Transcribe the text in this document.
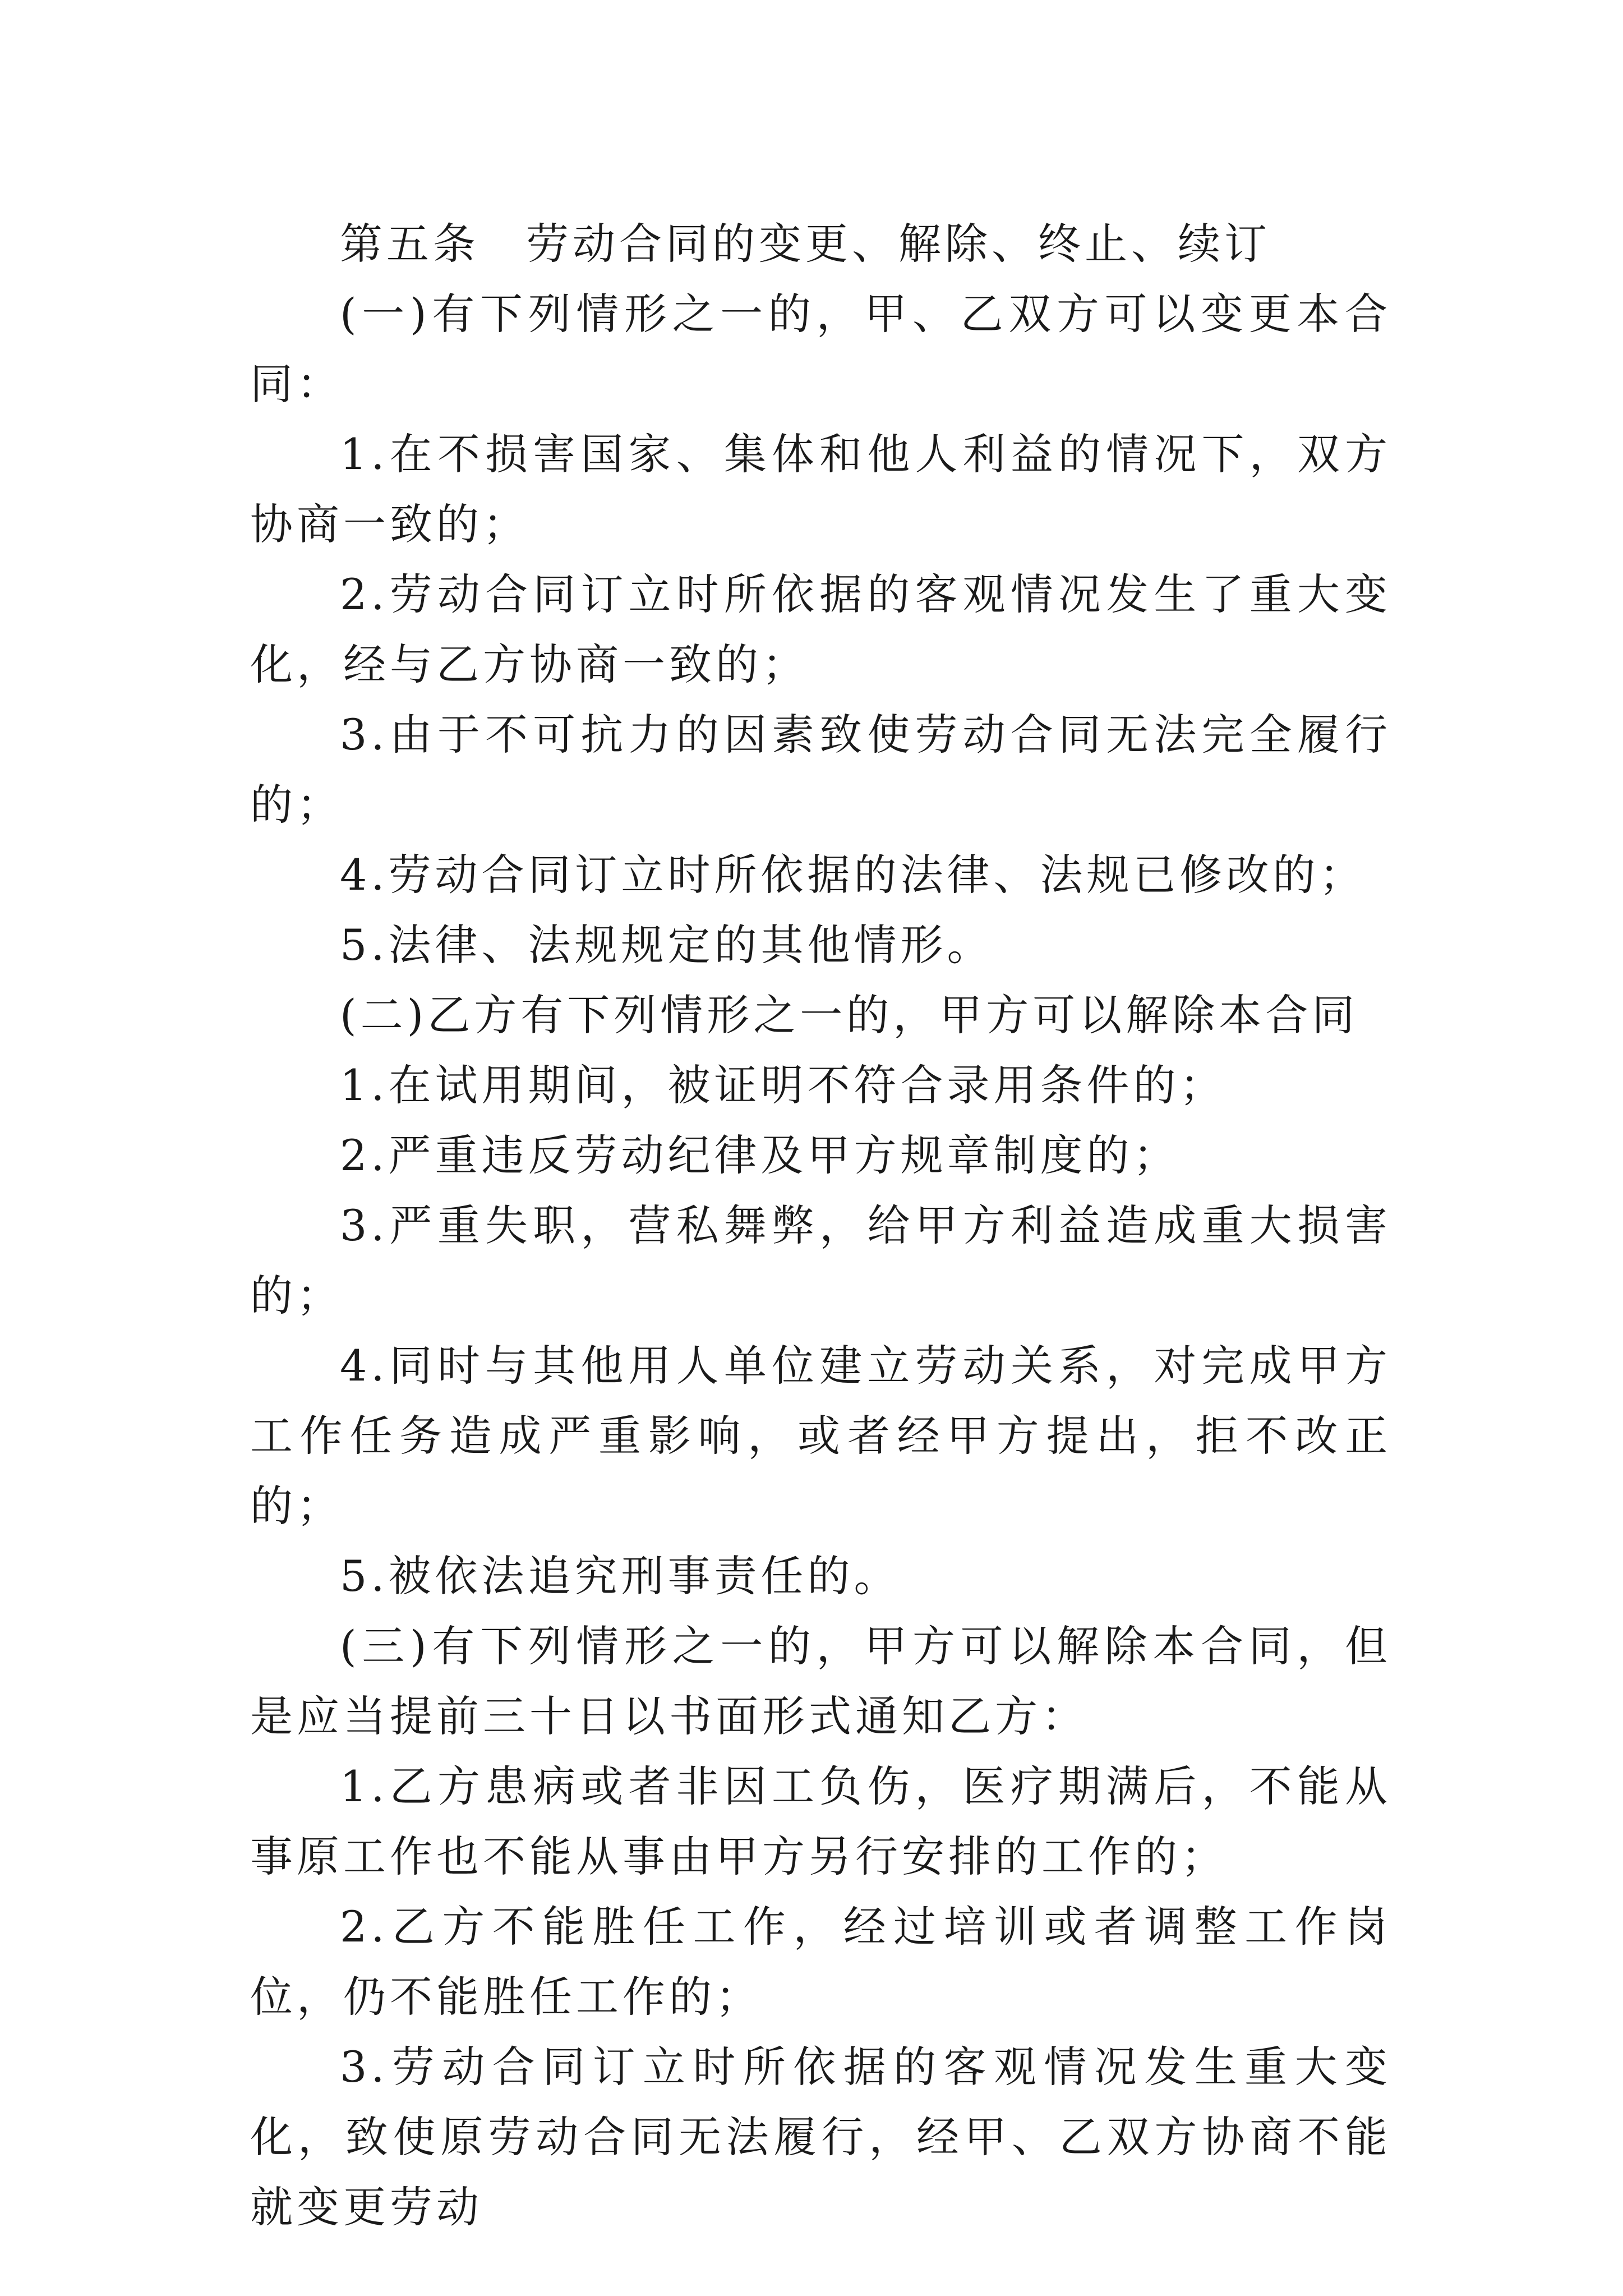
第五条　劳动合同的变更、解除、终止、续订

(一)有下列情形之一的，甲、乙双方可以变更本合同：

1.在不损害国家、集体和他人利益的情况下，双方协商一致的；

2.劳动合同订立时所依据的客观情况发生了重大变化，经与乙方协商一致的；

3.由于不可抗力的因素致使劳动合同无法完全履行的；

4.劳动合同订立时所依据的法律、法规已修改的；

5.法律、法规规定的其他情形。

(二)乙方有下列情形之一的，甲方可以解除本合同

1.在试用期间，被证明不符合录用条件的；

2.严重违反劳动纪律及甲方规章制度的；

3.严重失职，营私舞弊，给甲方利益造成重大损害的；

4.同时与其他用人单位建立劳动关系，对完成甲方工作任务造成严重影响，或者经甲方提出，拒不改正的；

5.被依法追究刑事责任的。

(三)有下列情形之一的，甲方可以解除本合同，但是应当提前三十日以书面形式通知乙方：

1.乙方患病或者非因工负伤，医疗期满后，不能从事原工作也不能从事由甲方另行安排的工作的；

2.乙方不能胜任工作，经过培训或者调整工作岗位，仍不能胜任工作的；

3.劳动合同订立时所依据的客观情况发生重大变化，致使原劳动合同无法履行，经甲、乙双方协商不能就变更劳动
